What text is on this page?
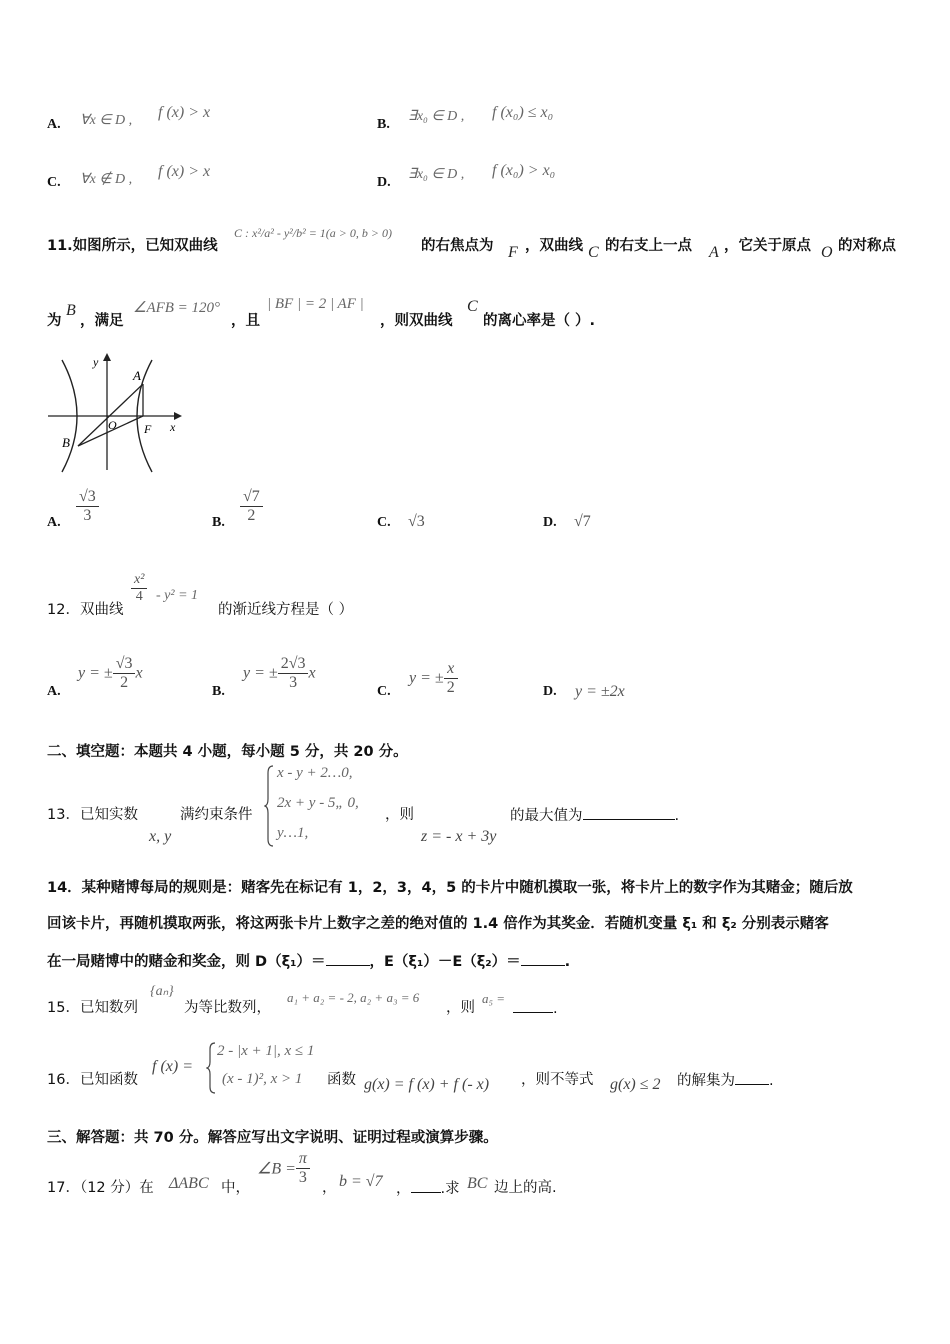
A. ∀x ∈ D , f (x) > x
B.
∃x₀ ∈ D , f (x₀) ≤ x₀
C. ∀x ∉ D , f (x) > x
D.
∃x₀ ∈ D , f (x₀) > x₀
11.如图所示，已知双曲线
C : x²/a² - y²/b² = 1(a > 0, b > 0)
的右焦点为 F ，双曲线 C 的右支上一点 A ，它关于原点 O 的对称点
为
B
，满足
∠AFB = 120°
，且
| BF | = 2 | AF |
，则双曲线
C
的离心率是（ ）.
y
x
A
B
O F
A. $\frac{√3}{3}$	B. $\frac{√7}{2}$	C. √3	D. √7
12．双曲线
$\frac{\text{x²}}{4} - y^2 = 1$
的渐近线方程是（ ）
A.
y = ± $\frac{√3}{2}$ x
B.
y = ± $\frac{2√3}{3}$ x
C.
y = ± $\frac{x}{2}$	D. y = ±2x
二、填空题：本题共 4 小题，每小题 5 分，共 20 分。
13．已知实数
x, y
满约束条件
x - y + 2…0,
2x + y - 5„ 0,
y…1,
，则
z = - x + 3y
的最大值为	.
14．某种赌博每局的规则是：赌客先在标记有 1，2，3，4，5 的卡片中随机摸取一张，将卡片上的数字作为其赌金；随后放
回该卡片，再随机摸取两张，将这两张卡片上数字之差的绝对值的 1.4 倍作为其奖金．若随机变量 ξ₁ 和 ξ₂ 分别表示赌客
在一局赌博中的赌金和奖金，则 D（ξ₁）＝	，E（ξ₁）－E（ξ₂）＝	.
15．已知数列
{aₙ}
为等比数列，
a₁ + a₂ = - 2, a₂ + a₃ = 6
，则
a₅ =
.
16．已知函数
f (x) =
2 - |x + 1|, x ≤ 1
(x - 1)², x > 1 函数 g(x) = f (x) + f (- x) ，则不等式 g(x) ≤ 2 的解集为 .
三、解答题：共 70 分。解答应写出文字说明、证明过程或演算步骤。
17．（12 分）在 ΔABC 中，
∠B = $\frac{\pi}{3}$
， b = √7 ， .求 BC 边上的高.
